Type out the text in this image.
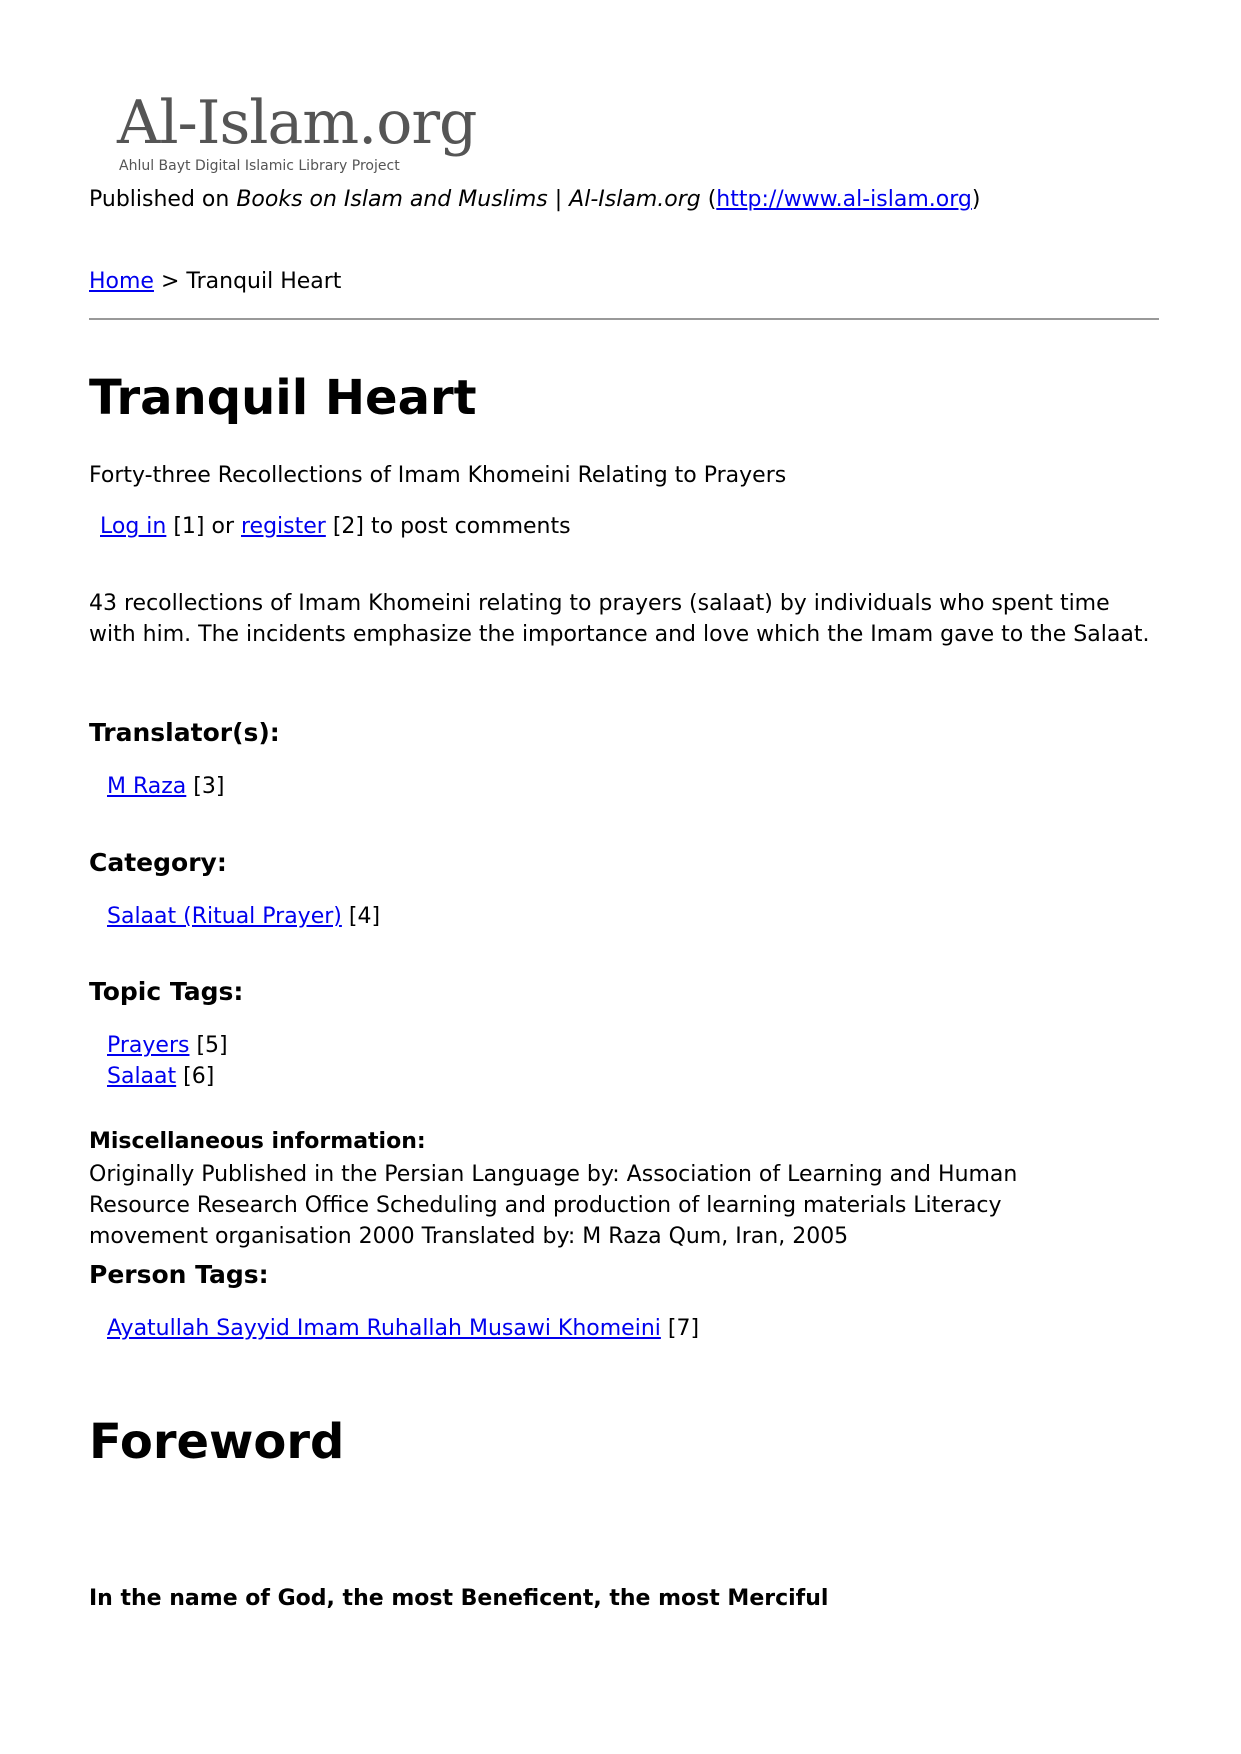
Al-Islam.org
Ahlul Bayt Digital Islamic Library Project
Published on Books on Islam and Muslims | Al-Islam.org (http://www.al-islam.org)
Home > Tranquil Heart
Tranquil Heart
Forty-three Recollections of Imam Khomeini Relating to Prayers
Log in [1] or register [2] to post comments
43 recollections of Imam Khomeini relating to prayers (salaat) by individuals who spent time with him. The incidents emphasize the importance and love which the Imam gave to the Salaat.
Translator(s):
M Raza [3]
Category:
Salaat (Ritual Prayer) [4]
Topic Tags:
Prayers [5]
Salaat [6]
Miscellaneous information:
Originally Published in the Persian Language by: Association of Learning and Human Resource Research Office Scheduling and production of learning materials Literacy movement organisation 2000 Translated by: M Raza Qum, Iran, 2005
Person Tags:
Ayatullah Sayyid Imam Ruhallah Musawi Khomeini [7]
Foreword
In the name of God, the most Beneficent, the most Merciful
